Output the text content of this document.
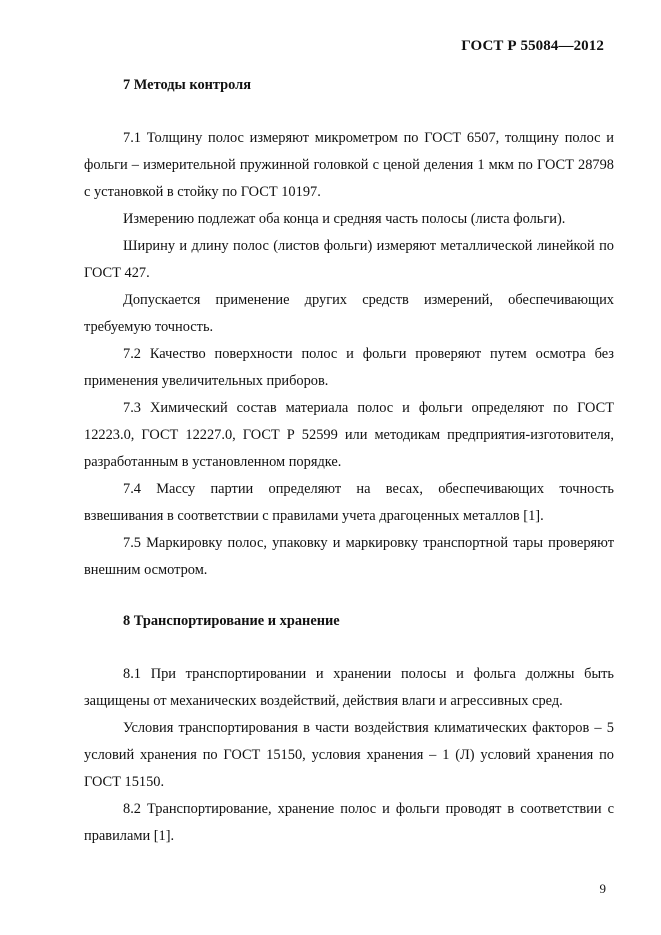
ГОСТ Р 55084—2012

7 Методы контроля

7.1 Толщину полос измеряют микрометром по ГОСТ 6507, толщину полос и фольги – измерительной пружинной головкой с ценой деления 1 мкм по ГОСТ 28798 с установкой в стойку по ГОСТ 10197.

Измерению подлежат оба конца и средняя часть полосы (листа фольги).

Ширину и длину полос (листов фольги) измеряют металлической линейкой по ГОСТ 427.

Допускается применение других средств измерений, обеспечивающих требуемую точность.

7.2 Качество поверхности полос и фольги проверяют путем осмотра без применения увеличительных приборов.

7.3 Химический состав материала полос и фольги определяют по ГОСТ 12223.0, ГОСТ 12227.0, ГОСТ Р 52599 или методикам предприятия-изготовителя, разработанным в установленном порядке.

7.4 Массу партии определяют на весах, обеспечивающих точность взвешивания в соответствии с правилами учета драгоценных металлов [1].

7.5 Маркировку полос, упаковку и маркировку транспортной тары проверяют внешним осмотром.

8 Транспортирование и хранение

8.1 При транспортировании и хранении полосы и фольга должны быть защищены от механических воздействий, действия влаги и агрессивных сред.

Условия транспортирования в части воздействия климатических факторов – 5 условий хранения по ГОСТ 15150, условия хранения – 1 (Л) условий хранения по ГОСТ 15150.

8.2 Транспортирование, хранение полос и фольги проводят в соответствии с правилами [1].

9
